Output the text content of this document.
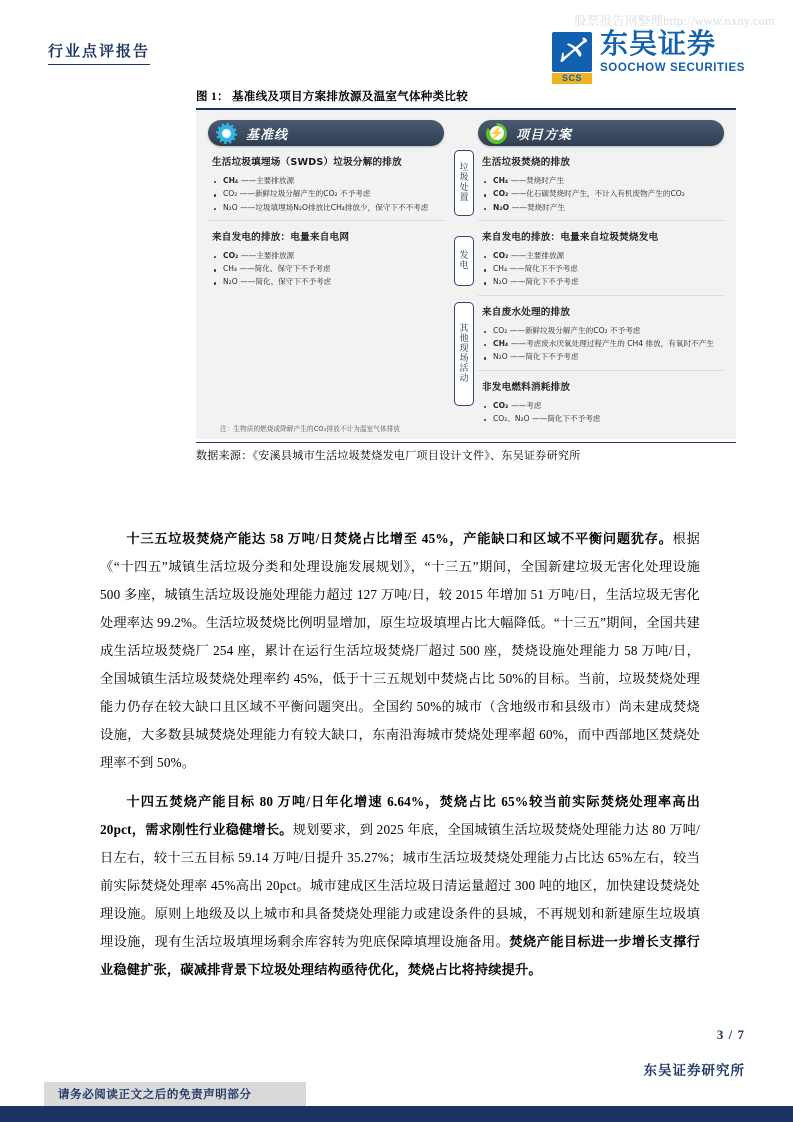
股票报告网整理http://www.nxny.com
行业点评报告	乄
SCS
东吴证券
SOOCHOW SECURITIES
图 1： 基准线及项目方案排放源及温室气体种类比较
基准线
生活垃圾填埋场（SWDS）垃圾分解的排放
CH₄ ——主要排放源
CO₂ ——新鲜垃圾分解产生的CO₂ 不予考虑
N₂O ——垃圾填埋场N₂O排放比CH₄排放少，保守下不不考虑
来自发电的排放：电量来自电网
CO₂ ——主要排放源
CH₄ ——简化、保守下不予考虑
N₂O ——简化、保守下不予考虑
垃
圾
处
置
发
电
其
他
现
场
活
动
⚡
项目方案
生活垃圾焚烧的排放
CH₄ ——焚烧时产生
CO₂ ——化石碳焚烧时产生，不计入有机废物产生的CO₂
N₂O ——焚烧时产生
来自发电的排放：电量来自垃圾焚烧发电
CO₂ ——主要排放源
CH₄ ——简化下不予考虑
N₂O ——简化下不予考虑
来自废水处理的排放
CO₂ ——新鲜垃圾分解产生的CO₂ 不予考虑
CH₄ ——考虑废水厌氧处理过程产生的 CH4 排放，有氧时不产生
N₂O ——简化下不予考虑
非发电燃料消耗排放
CO₂ ——考虑
CO₂、N₂O ——简化下不予考虑
注：生物质的燃烧或降解产生的CO₂排放不计为温室气体排放
数据来源：《安溪县城市生活垃圾焚烧发电厂项目设计文件》、东吴证券研究所

十三五垃圾焚烧产能达 58 万吨/日焚烧占比增至 45%，产能缺口和区域不平衡问题犹存。根据《“十四五”城镇生活垃圾分类和处理设施发展规划》，“十三五”期间，全国新建垃圾无害化处理设施 500 多座，城镇生活垃圾设施处理能力超过 127 万吨/日，较 2015 年增加 51 万吨/日，生活垃圾无害化处理率达 99.2%。生活垃圾焚烧比例明显增加，原生垃圾填埋占比大幅降低。“十三五”期间，全国共建成生活垃圾焚烧厂 254 座，累计在运行生活垃圾焚烧厂超过 500 座，焚烧设施处理能力 58 万吨/日，全国城镇生活垃圾焚烧处理率约 45%，低于十三五规划中焚烧占比 50%的目标。当前，垃圾焚烧处理能力仍存在较大缺口且区域不平衡问题突出。全国约 50%的城市（含地级市和县级市）尚未建成焚烧设施，大多数县城焚烧处理能力有较大缺口，东南沿海城市焚烧处理率超 60%，而中西部地区焚烧处理率不到 50%。

十四五焚烧产能目标 80 万吨/日年化增速 6.64%，焚烧占比 65%较当前实际焚烧处理率高出 20pct，需求刚性行业稳健增长。规划要求，到 2025 年底，全国城镇生活垃圾焚烧处理能力达 80 万吨/日左右，较十三五目标 59.14 万吨/日提升 35.27%；城市生活垃圾焚烧处理能力占比达 65%左右，较当前实际焚烧处理率 45%高出 20pct。城市建成区生活垃圾日清运量超过 300 吨的地区，加快建设焚烧处理设施。原则上地级及以上城市和具备焚烧处理能力或建设条件的县城，不再规划和新建原生垃圾填埋设施，现有生活垃圾填埋场剩余库容转为兜底保障填埋设施备用。焚烧产能目标进一步增长支撑行业稳健扩张，碳减排背景下垃圾处理结构亟待优化，焚烧占比将持续提升。

3 / 7
东吴证券研究所
请务必阅读正文之后的免责声明部分
